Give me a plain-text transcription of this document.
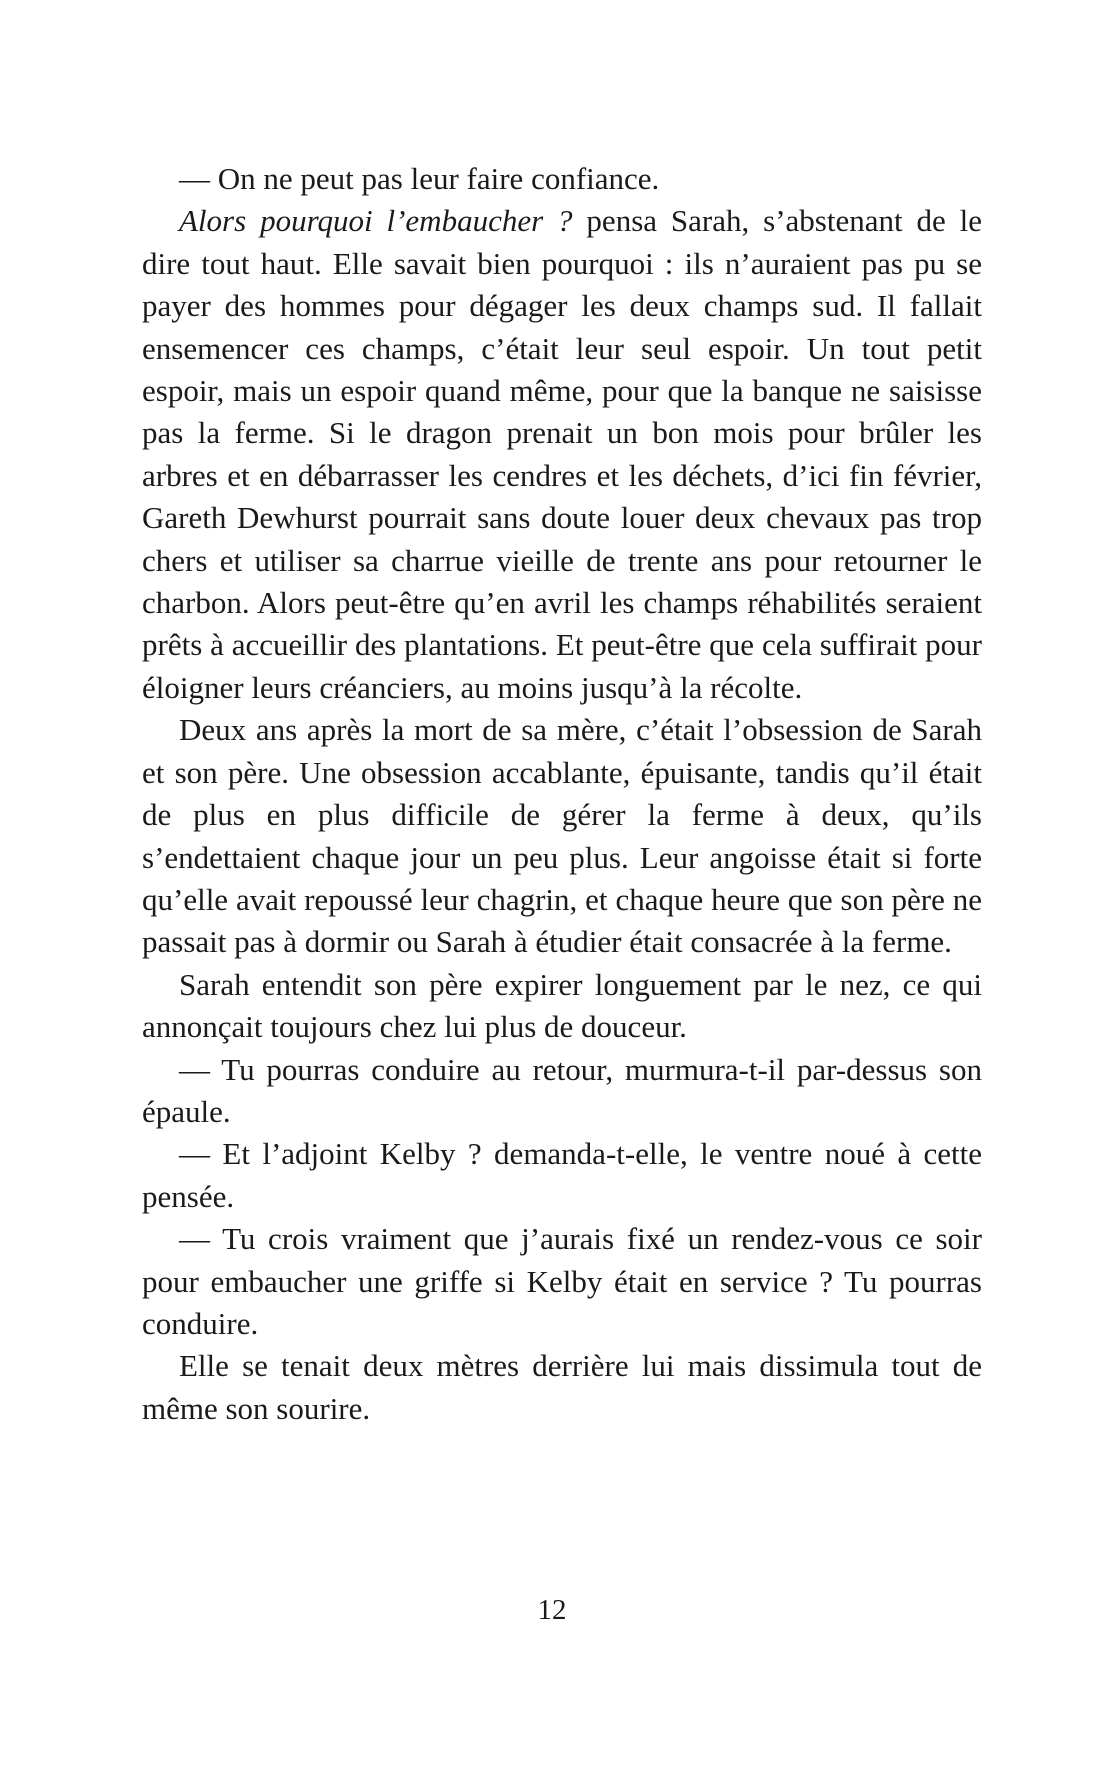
— On ne peut pas leur faire confiance.

Alors pourquoi l’embaucher ? pensa Sarah, s’abstenant de le dire tout haut. Elle savait bien pourquoi : ils n’auraient pas pu se payer des hommes pour dégager les deux champs sud. Il fallait ensemencer ces champs, c’était leur seul espoir. Un tout petit espoir, mais un espoir quand même, pour que la banque ne saisisse pas la ferme. Si le dragon prenait un bon mois pour brûler les arbres et en débarrasser les cendres et les déchets, d’ici fin février, Gareth Dewhurst pourrait sans doute louer deux chevaux pas trop chers et utiliser sa charrue vieille de trente ans pour retourner le charbon. Alors peut-être qu’en avril les champs réhabilités seraient prêts à accueillir des plantations. Et peut-être que cela suffirait pour éloigner leurs créanciers, au moins jusqu’à la récolte.

Deux ans après la mort de sa mère, c’était l’obsession de Sarah et son père. Une obsession accablante, épuisante, tandis qu’il était de plus en plus difficile de gérer la ferme à deux, qu’ils s’endettaient chaque jour un peu plus. Leur angoisse était si forte qu’elle avait repoussé leur chagrin, et chaque heure que son père ne passait pas à dormir ou Sarah à étudier était consacrée à la ferme.

Sarah entendit son père expirer longuement par le nez, ce qui annonçait toujours chez lui plus de douceur.

— Tu pourras conduire au retour, murmura-t-il par-dessus son épaule.

— Et l’adjoint Kelby ? demanda-t-elle, le ventre noué à cette pensée.

— Tu crois vraiment que j’aurais fixé un rendez-vous ce soir pour embaucher une griffe si Kelby était en service ? Tu pourras conduire.

Elle se tenait deux mètres derrière lui mais dissimula tout de même son sourire.

12
